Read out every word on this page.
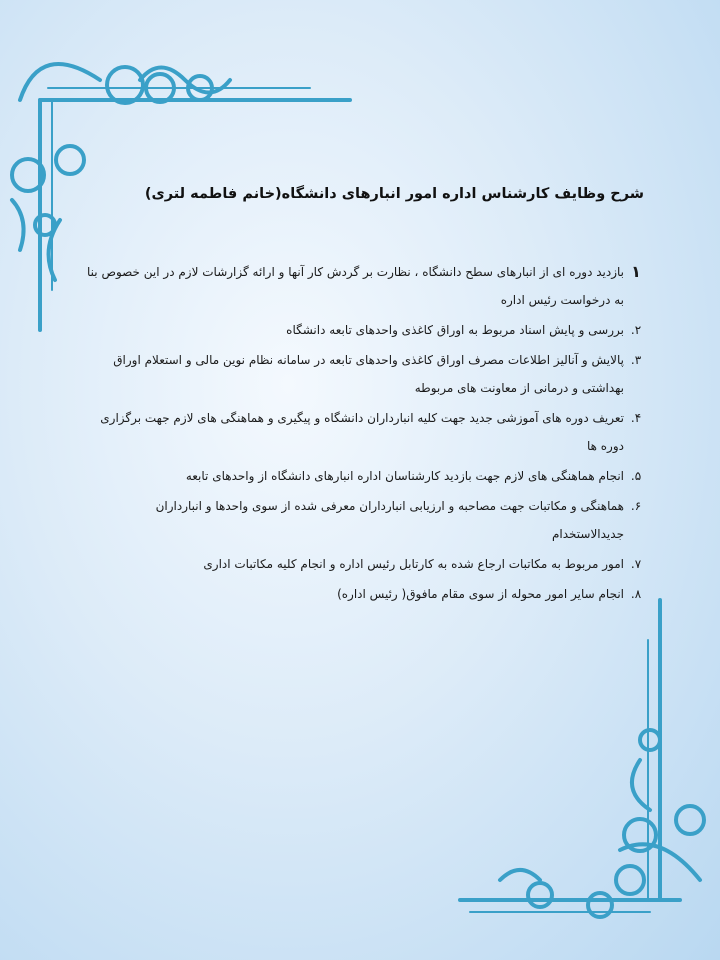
شرح وظایف کارشناس اداره امور انبارهای دانشگاه(خانم فاطمه لتری)
۱
بازدید دوره ای از انبارهای سطح دانشگاه ، نظارت بر گردش کار آنها و ارائه گزارشات لازم در این خصوص بنا به درخواست رئیس اداره
۲.
بررسی و پایش اسناد مربوط به اوراق کاغذی واحدهای تابعه دانشگاه
۳.
پالایش و آنالیز اطلاعات مصرف اوراق کاغذی واحدهای تابعه در سامانه نظام نوین مالی و استعلام اوراق بهداشتی و درمانی از معاونت های مربوطه
۴.
تعریف دوره های آموزشی جدید جهت کلیه انبارداران دانشگاه و پیگیری و هماهنگی های لازم جهت برگزاری دوره ها
۵.
انجام هماهنگی های لازم جهت بازدید کارشناسان اداره انبارهای دانشگاه از واحدهای تابعه
۶.
هماهنگی و مکاتبات جهت مصاحبه و ارزیابی انبارداران معرفی شده از سوی واحدها و انبارداران جدیدالاستخدام
۷.
امور مربوط به مکاتبات ارجاع شده به کارتابل رئیس اداره و انجام کلیه مکاتبات اداری
۸.
انجام سایر امور محوله از سوی مقام مافوق( رئیس اداره)
